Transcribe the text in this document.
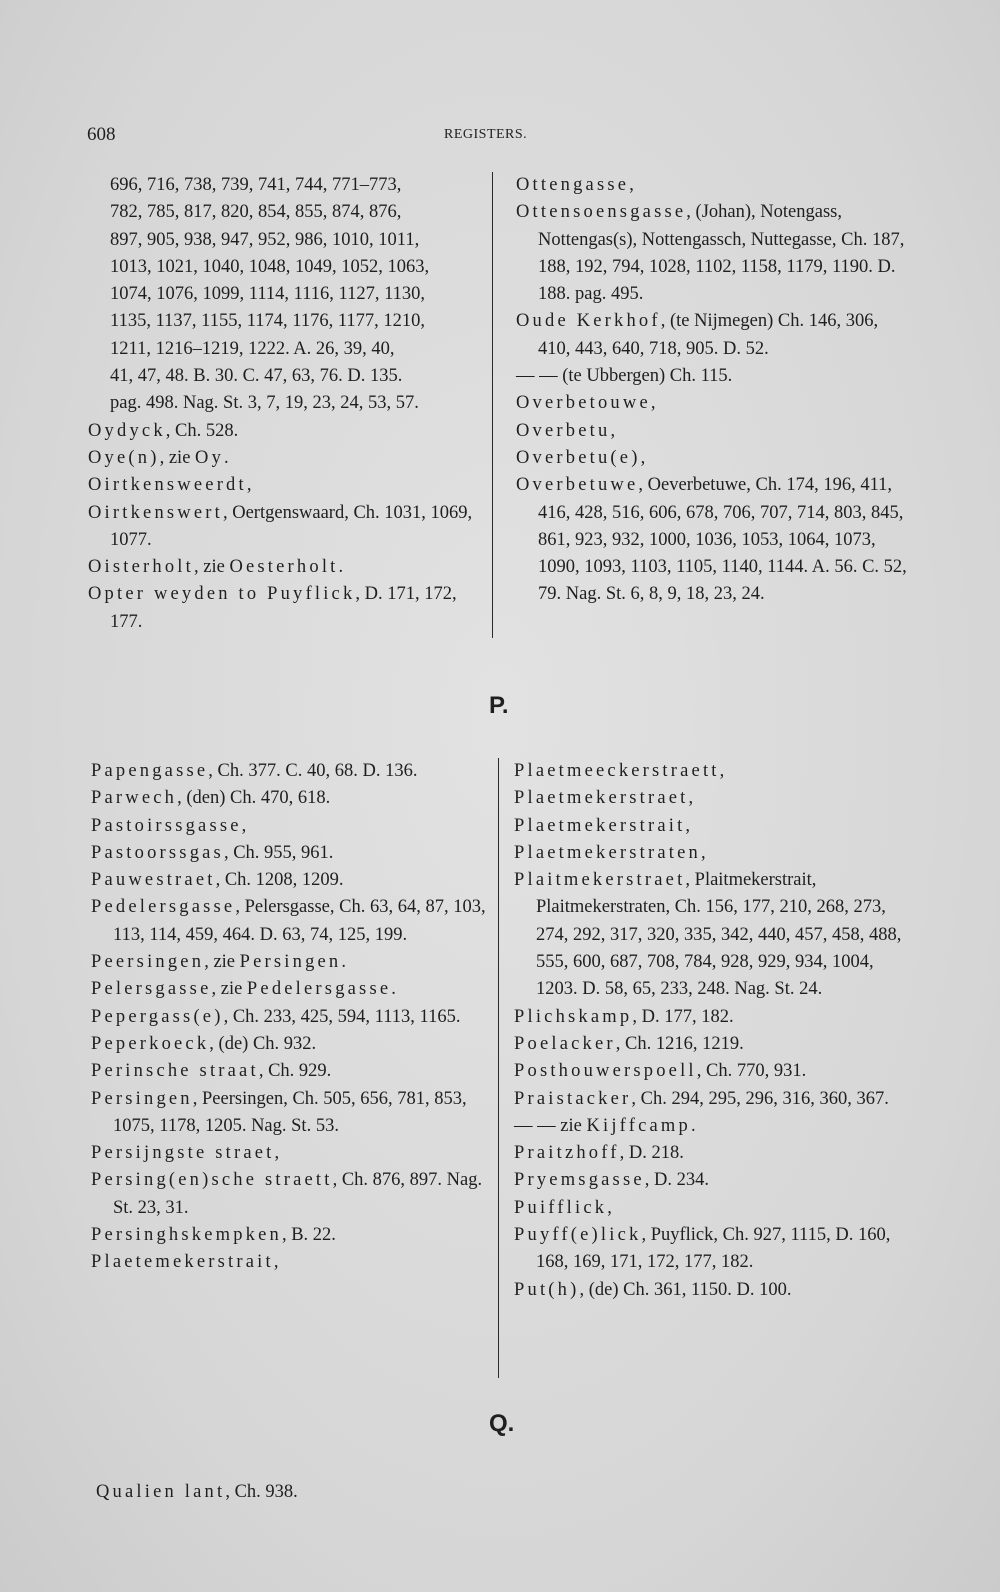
608	REGISTERS.
696, 716, 738, 739, 741, 744, 771–773,
782, 785, 817, 820, 854, 855, 874, 876,
897, 905, 938, 947, 952, 986, 1010, 1011,
1013, 1021, 1040, 1048, 1049, 1052, 1063,
1074, 1076, 1099, 1114, 1116, 1127, 1130,
1135, 1137, 1155, 1174, 1176, 1177, 1210,
1211, 1216–1219, 1222. A. 26, 39, 40,
41, 47, 48. B. 30. C. 47, 63, 76. D. 135.
pag. 498. Nag. St. 3, 7, 19, 23, 24, 53, 57.
Oydyck, Ch. 528.
Oye(n), zie Oy.
Oirtkensweerdt,
Oirtkenswert, Oertgenswaard, Ch. 1031, 1069, 1077.
Oisterholt, zie Oesterholt.
Opter weyden to Puyflick, D. 171, 172, 177.
Ottengasse,
Ottensoensgasse, (Johan), Notengass, Nottengas(s), Nottengassch, Nuttegasse, Ch. 187, 188, 192, 794, 1028, 1102, 1158, 1179, 1190. D. 188. pag. 495.
Oude Kerkhof, (te Nijmegen) Ch. 146, 306, 410, 443, 640, 718, 905. D. 52.
— — (te Ubbergen) Ch. 115.
Overbetouwe,
Overbetu,
Overbetu(e),
Overbetuwe, Oeverbetuwe, Ch. 174, 196, 411, 416, 428, 516, 606, 678, 706, 707, 714, 803, 845, 861, 923, 932, 1000, 1036, 1053, 1064, 1073, 1090, 1093, 1103, 1105, 1140, 1144. A. 56. C. 52, 79. Nag. St. 6, 8, 9, 18, 23, 24.
P.
Papengasse, Ch. 377. C. 40, 68. D. 136.
Parwech, (den) Ch. 470, 618.
Pastoirssgasse,
Pastoorssgas, Ch. 955, 961.
Pauwestraet, Ch. 1208, 1209.
Pedelersgasse, Pelersgasse, Ch. 63, 64, 87, 103, 113, 114, 459, 464. D. 63, 74, 125, 199.
Peersingen, zie Persingen.
Pelersgasse, zie Pedelersgasse.
Pepergass(e), Ch. 233, 425, 594, 1113, 1165.
Peperkoeck, (de) Ch. 932.
Perinsche straat, Ch. 929.
Persingen, Peersingen, Ch. 505, 656, 781, 853, 1075, 1178, 1205. Nag. St. 53.
Persijngste straet,
Persing(en)sche straett, Ch. 876, 897. Nag. St. 23, 31.
Persinghskempken, B. 22.
Plaetemekerstrait,
Plaetmeeckerstraett,
Plaetmekerstraet,
Plaetmekerstrait,
Plaetmekerstraten,
Plaitmekerstraet, Plaitmekerstrait, Plaitmekerstraten, Ch. 156, 177, 210, 268, 273, 274, 292, 317, 320, 335, 342, 440, 457, 458, 488, 555, 600, 687, 708, 784, 928, 929, 934, 1004, 1203. D. 58, 65, 233, 248. Nag. St. 24.
Plichskamp, D. 177, 182.
Poelacker, Ch. 1216, 1219.
Posthouwerspoell, Ch. 770, 931.
Praistacker, Ch. 294, 295, 296, 316, 360, 367.
— — zie Kijffcamp.
Praitzhoff, D. 218.
Pryemsgasse, D. 234.
Puifflick,
Puyff(e)lick, Puyflick, Ch. 927, 1115, D. 160, 168, 169, 171, 172, 177, 182.
Put(h), (de) Ch. 361, 1150. D. 100.
Q.
Qualien lant, Ch. 938.
